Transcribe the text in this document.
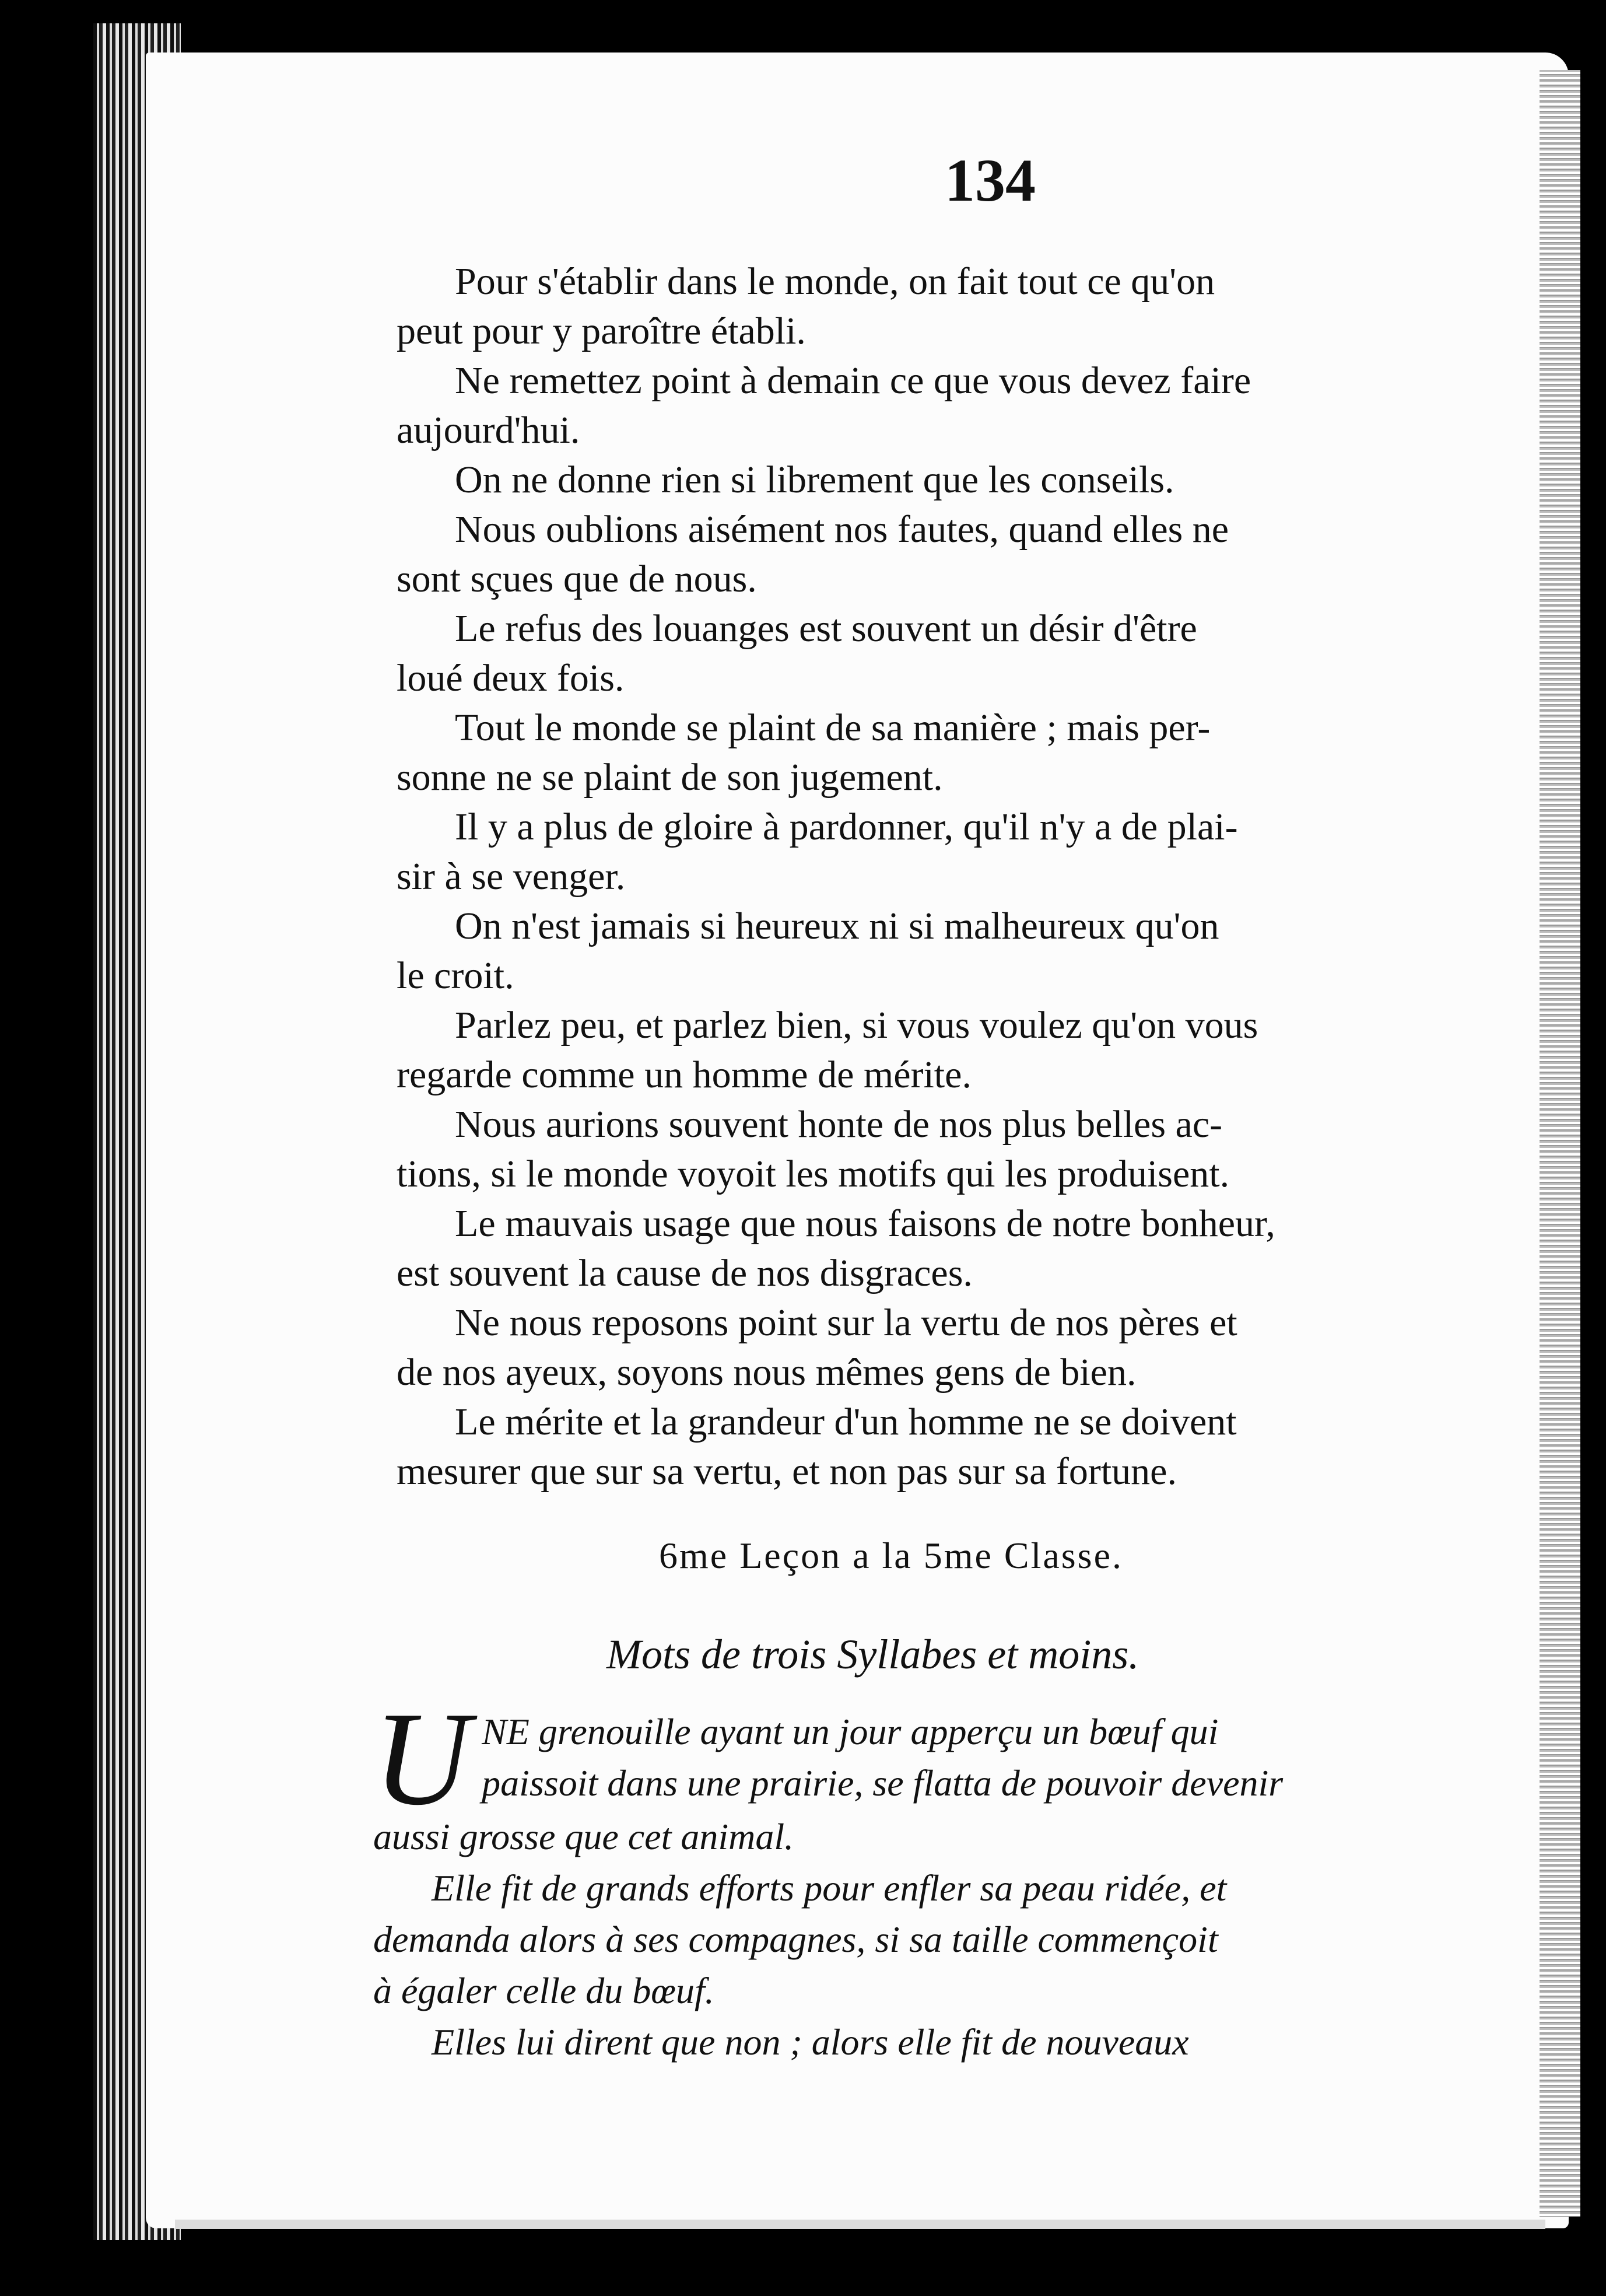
134
Pour s'établir dans le monde, on fait tout ce qu'on
peut pour y paroître établi.
Ne remettez point à demain ce que vous devez faire
aujourd'hui.
On ne donne rien si librement que les conseils.
Nous oublions aisément nos fautes, quand elles ne
sont sçues que de nous.
Le refus des louanges est souvent un désir d'être
loué deux fois.
Tout le monde se plaint de sa manière ; mais per-
sonne ne se plaint de son jugement.
Il y a plus de gloire à pardonner, qu'il n'y a de plai-
sir à se venger.
On n'est jamais si heureux ni si malheureux qu'on
le croit.
Parlez peu, et parlez bien, si vous voulez qu'on vous
regarde comme un homme de mérite.
Nous aurions souvent honte de nos plus belles ac-
tions, si le monde voyoit les motifs qui les produisent.
Le mauvais usage que nous faisons de notre bonheur,
est souvent la cause de nos disgraces.
Ne nous reposons point sur la vertu de nos pères et
de nos ayeux, soyons nous mêmes gens de bien.
Le mérite et la grandeur d'un homme ne se doivent
mesurer que sur sa vertu, et non pas sur sa fortune.
6me Leçon a la 5me Classe.
Mots de trois Syllabes et moins.
U NE grenouille ayant un jour apperçu un bœuf qui
paissoit dans une prairie, se flatta de pouvoir devenir
aussi grosse que cet animal.
Elle fit de grands efforts pour enfler sa peau ridée, et
demanda alors à ses compagnes, si sa taille commençoit
à égaler celle du bœuf.
Elles lui dirent que non ; alors elle fit de nouveaux
